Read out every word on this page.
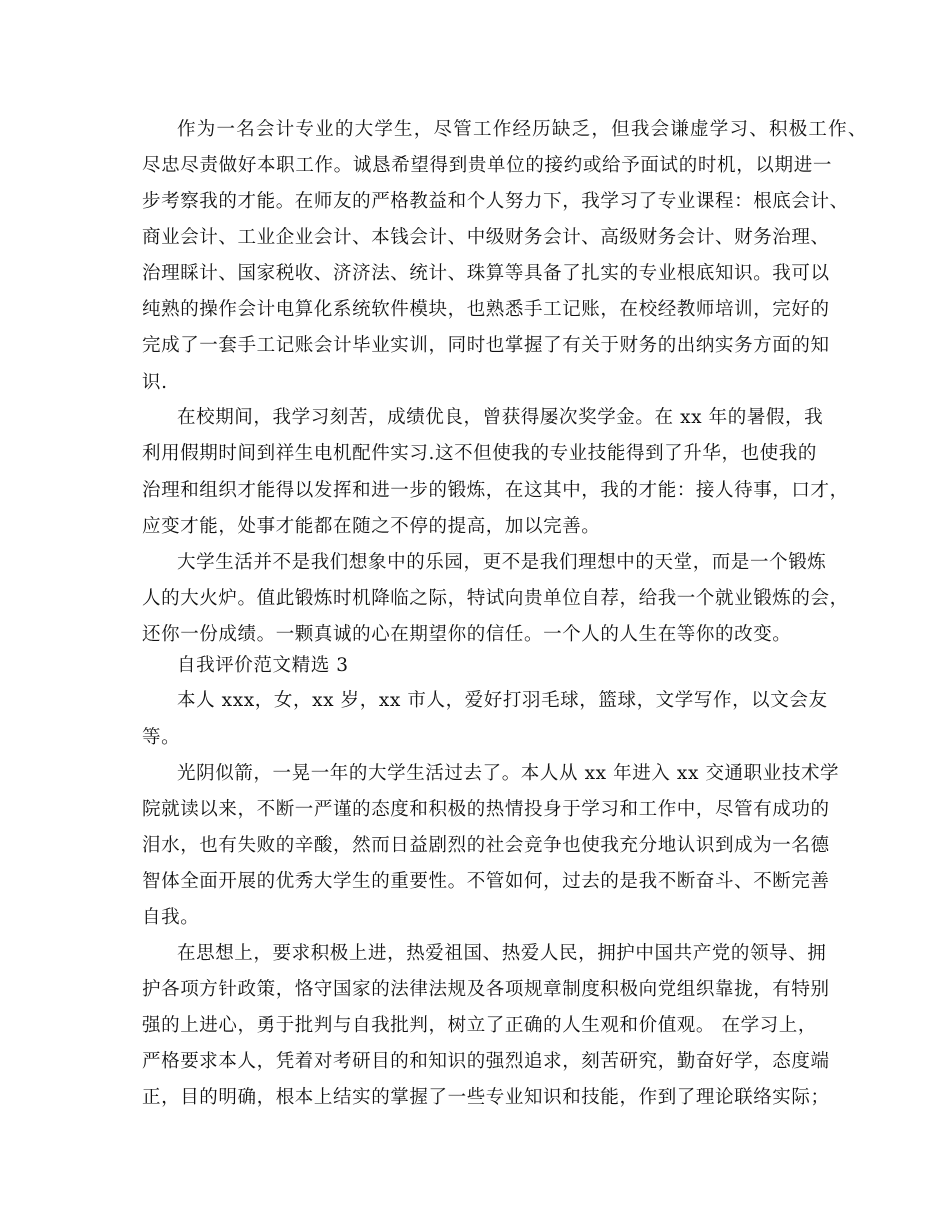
作为一名会计专业的大学生，尽管工作经历缺乏，但我会谦虚学习、积极工作、
尽忠尽责做好本职工作。诚恳希望得到贵单位的接约或给予面试的时机，以期进一
步考察我的才能。在师友的严格教益和个人努力下，我学习了专业课程：根底会计、
商业会计、工业企业会计、本钱会计、中级财务会计、高级财务会计、财务治理、
治理睬计、国家税收、济济法、统计、珠算等具备了扎实的专业根底知识。我可以
纯熟的操作会计电算化系统软件模块，也熟悉手工记账，在校经教师培训，完好的
完成了一套手工记账会计毕业实训，同时也掌握了有关于财务的出纳实务方面的知
识.
在校期间，我学习刻苦，成绩优良，曾获得屡次奖学金。在 xx 年的暑假，我
利用假期时间到祥生电机配件实习.这不但使我的专业技能得到了升华，也使我的
治理和组织才能得以发挥和进一步的锻炼，在这其中，我的才能：接人待事，口才，
应变才能，处事才能都在随之不停的提高，加以完善。
大学生活并不是我们想象中的乐园，更不是我们理想中的天堂，而是一个锻炼
人的大火炉。值此锻炼时机降临之际，特试向贵单位自荐，给我一个就业锻炼的会，
还你一份成绩。一颗真诚的心在期望你的信任。一个人的人生在等你的改变。
自我评价范文精选 3
本人 xxx，女，xx 岁，xx 市人，爱好打羽毛球，篮球，文学写作，以文会友
等。
光阴似箭，一晃一年的大学生活过去了。本人从 xx 年进入 xx 交通职业技术学
院就读以来，不断一严谨的态度和积极的热情投身于学习和工作中，尽管有成功的
泪水，也有失败的辛酸，然而日益剧烈的社会竞争也使我充分地认识到成为一名德
智体全面开展的优秀大学生的重要性。不管如何，过去的是我不断奋斗、不断完善
自我。
在思想上，要求积极上进，热爱祖国、热爱人民，拥护中国共产党的领导、拥
护各项方针政策，恪守国家的法律法规及各项规章制度积极向党组织靠拢，有特别
强的上进心，勇于批判与自我批判，树立了正确的人生观和价值观。 在学习上，
严格要求本人，凭着对考研目的和知识的强烈追求，刻苦研究，勤奋好学，态度端
正，目的明确，根本上结实的掌握了一些专业知识和技能，作到了理论联络实际；
